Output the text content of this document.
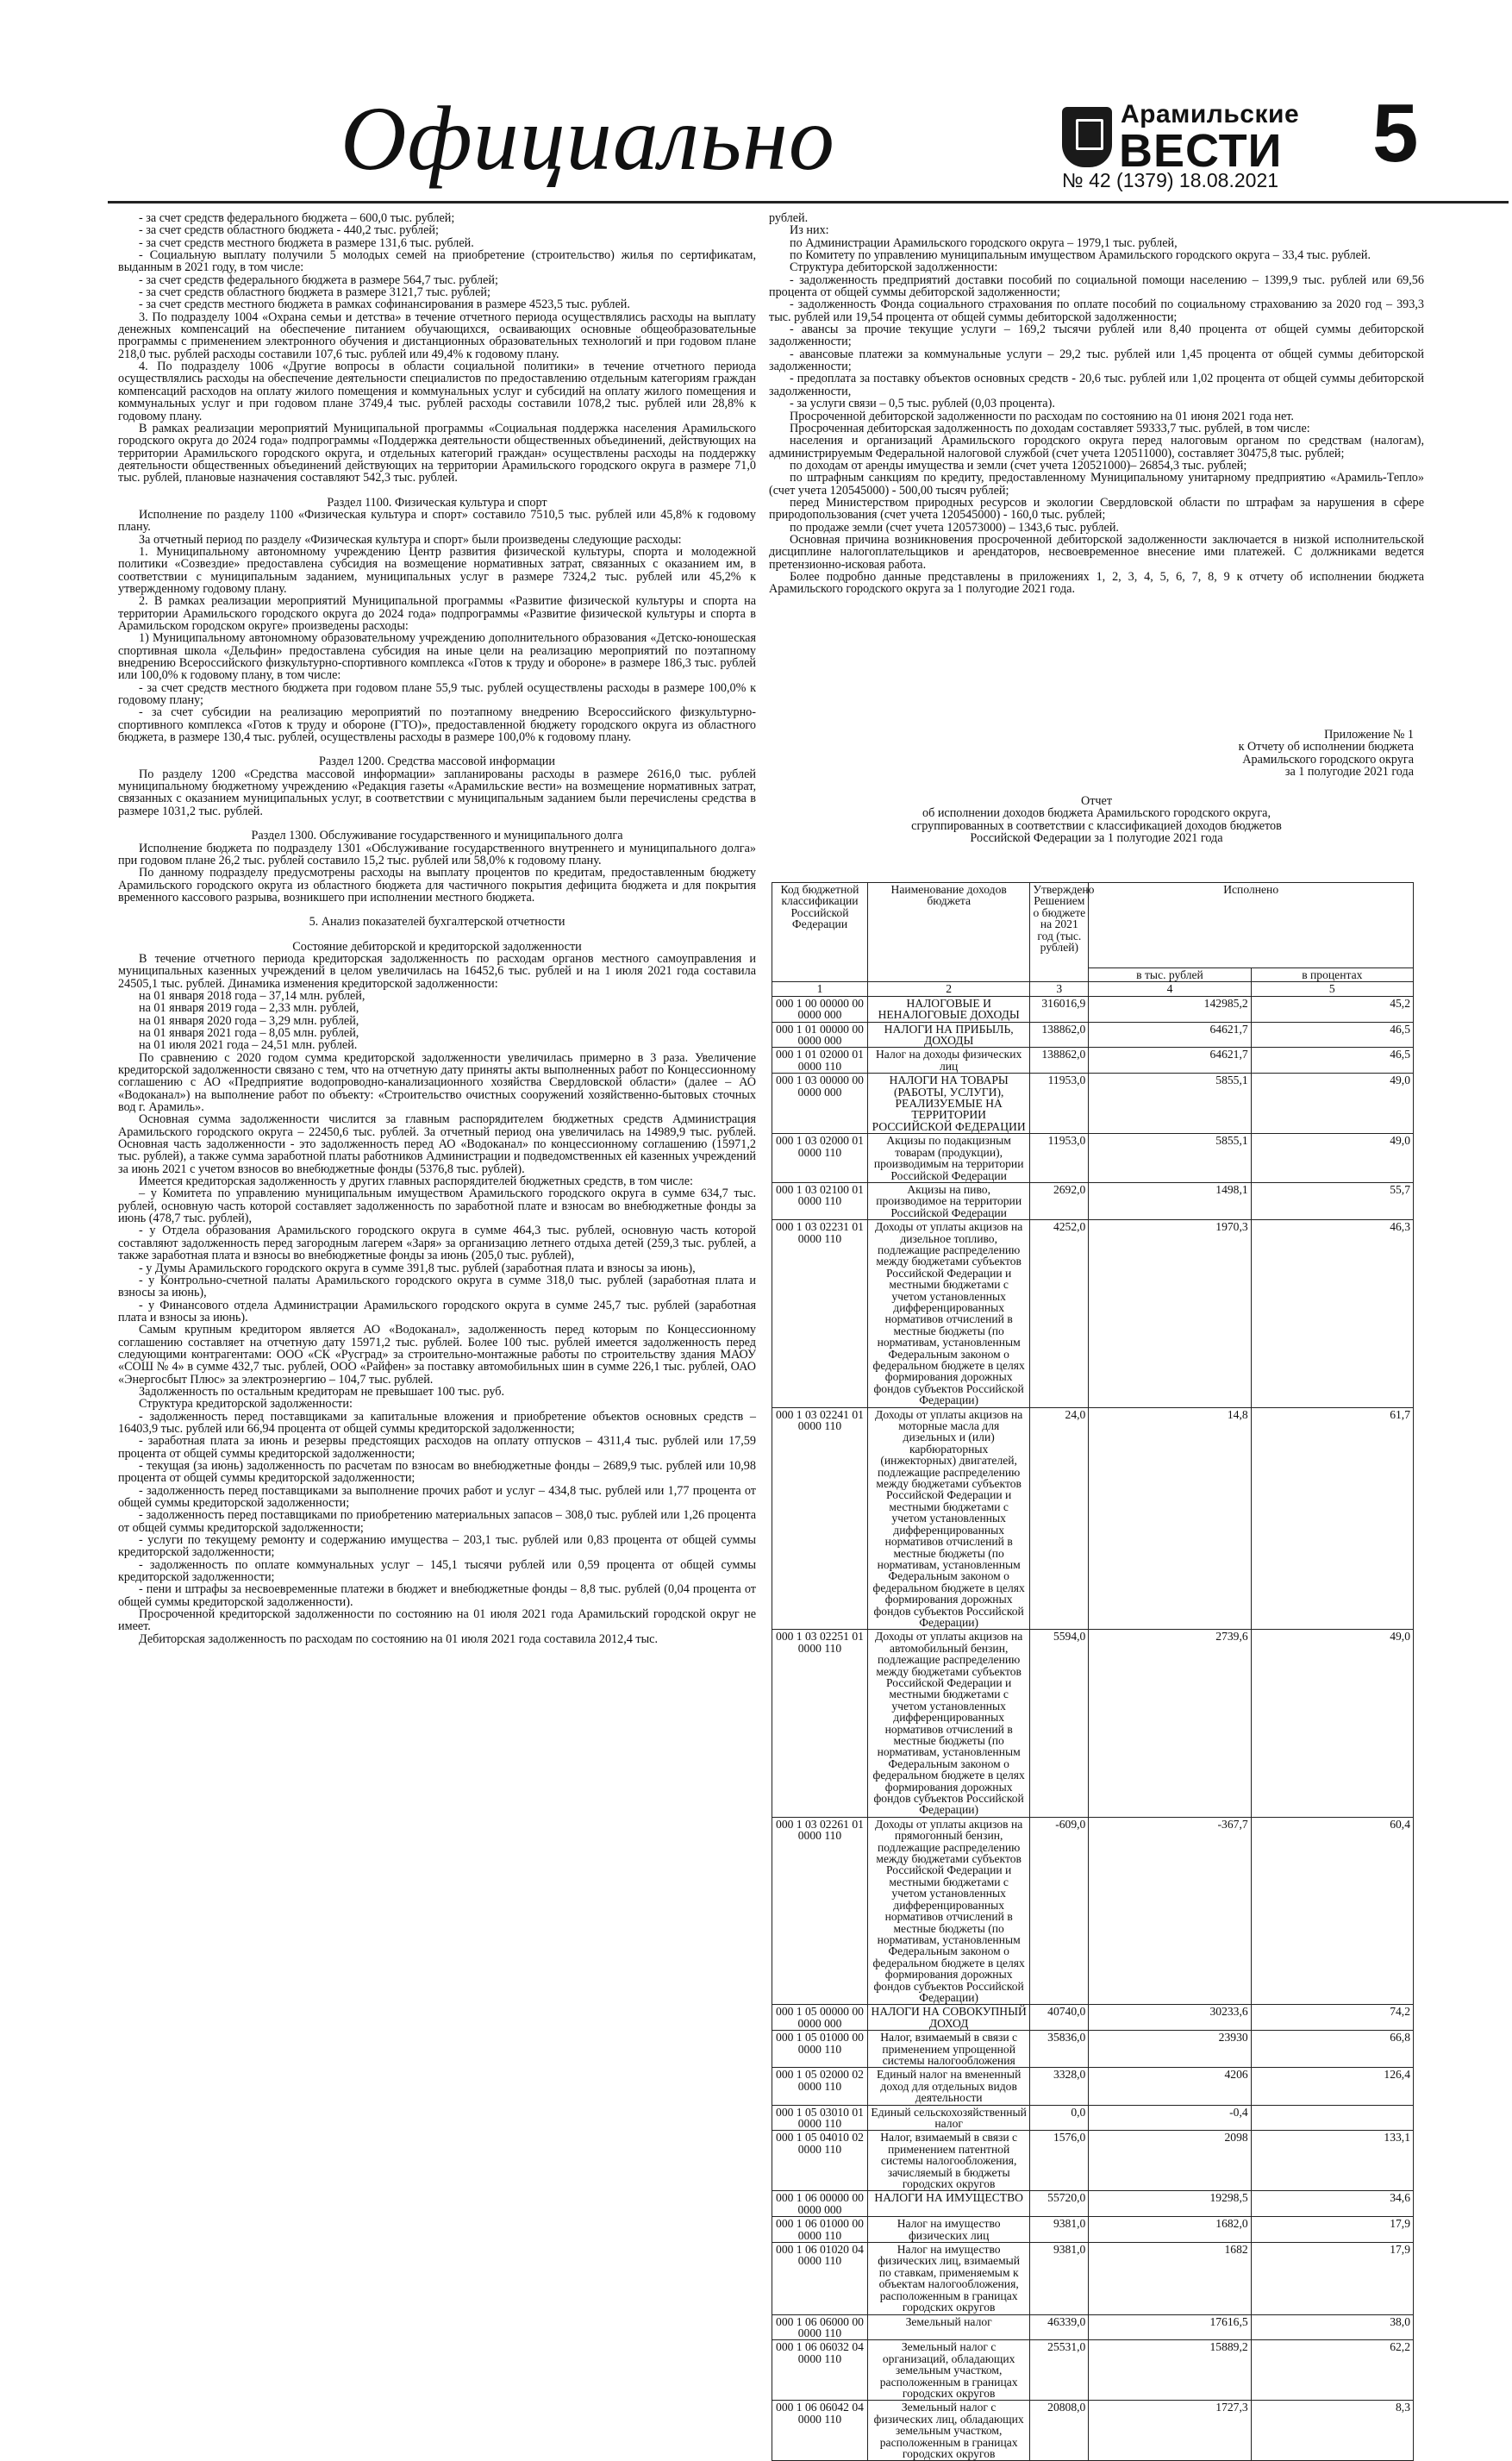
Официально	Арамильские
ВЕСТИ
№ 42 (1379) 18.08.2021
5

- за счет средств федерального бюджета – 600,0 тыс. рублей;

- за счет средств областного бюджета - 440,2 тыс. рублей;

- за счет средств местного бюджета в размере 131,6 тыс. рублей.

- Социальную выплату получили 5 молодых семей на приобретение (строительство) жилья по сертификатам, выданным в 2021 году, в том числе:

- за счет средств федерального бюджета в размере 564,7 тыс. рублей;

- за счет средств областного бюджета в размере 3121,7 тыс. рублей;

- за счет средств местного бюджета в рамках софинансирования в размере 4523,5 тыс. рублей.

3. По подразделу 1004 «Охрана семьи и детства» в течение отчетного периода осуществлялись расходы на выплату денежных компенсаций на обеспечение питанием обучающихся, осваивающих основные общеобразовательные программы с применением электронного обучения и дистанционных образовательных технологий и при годовом плане 218,0 тыс. рублей расходы составили 107,6 тыс. рублей или 49,4% к годовому плану.

4. По подразделу 1006 «Другие вопросы в области социальной политики» в течение отчетного периода осуществлялись расходы на обеспечение деятельности специалистов по предоставлению отдельным категориям граждан компенсаций расходов на оплату жилого помещения и коммунальных услуг и субсидий на оплату жилого помещения и коммунальных услуг и при годовом плане 3749,4 тыс. рублей расходы составили 1078,2 тыс. рублей или 28,8% к годовому плану.

В рамках реализации мероприятий Муниципальной программы «Социальная поддержка населения Арамильского городского округа до 2024 года» подпрограммы «Поддержка деятельности общественных объединений, действующих на территории Арамильского городского округа, и отдельных категорий граждан» осуществлены расходы на поддержку деятельности общественных объединений действующих на территории Арамильского городского округа в размере 71,0 тыс. рублей, плановые назначения составляют 542,3 тыс. рублей.

Раздел 1100. Физическая культура и спорт

Исполнение по разделу 1100 «Физическая культура и спорт» составило 7510,5 тыс. рублей или 45,8% к годовому плану.

За отчетный период по разделу «Физическая культура и спорт» были произведены следующие расходы:

1. Муниципальному автономному учреждению Центр развития физической культуры, спорта и молодежной политики «Созвездие» предоставлена субсидия на возмещение нормативных затрат, связанных с оказанием им, в соответствии с муниципальным заданием, муниципальных услуг в размере 7324,2 тыс. рублей или 45,2% к утвержденному годовому плану.

2. В рамках реализации мероприятий Муниципальной программы «Развитие физической культуры и спорта на территории Арамильского городского округа до 2024 года» подпрограммы «Развитие физической культуры и спорта в Арамильском городском округе» произведены расходы:

1) Муниципальному автономному образовательному учреждению дополнительного образования «Детско-юношеская спортивная школа «Дельфин» предоставлена субсидия на иные цели на реализацию мероприятий по поэтапному внедрению Всероссийского физкультурно-спортивного комплекса «Готов к труду и обороне» в размере 186,3 тыс. рублей или 100,0% к годовому плану, в том числе:

- за счет средств местного бюджета при годовом плане 55,9 тыс. рублей осуществлены расходы в размере 100,0% к годовому плану;

- за счет субсидии на реализацию мероприятий по поэтапному внедрению Всероссийского физкультурно-спортивного комплекса «Готов к труду и обороне (ГТО)», предоставленной бюджету городского округа из областного бюджета, в размере 130,4 тыс. рублей, осуществлены расходы в размере 100,0% к годовому плану.

Раздел 1200. Средства массовой информации

По разделу 1200 «Средства массовой информации» запланированы расходы в размере 2616,0 тыс. рублей муниципальному бюджетному учреждению «Редакция газеты «Арамильские вести» на возмещение нормативных затрат, связанных с оказанием муниципальных услуг, в соответствии с муниципальным заданием были перечислены средства в размере 1031,2 тыс. рублей.

Раздел 1300. Обслуживание государственного и муниципального долга

Исполнение бюджета по подразделу 1301 «Обслуживание государственного внутреннего и муниципального долга» при годовом плане 26,2 тыс. рублей составило 15,2 тыс. рублей или 58,0% к годовому плану.

По данному подразделу предусмотрены расходы на выплату процентов по кредитам, предоставленным бюджету Арамильского городского округа из областного бюджета для частичного покрытия дефицита бюджета и для покрытия временного кассового разрыва, возникшего при исполнении местного бюджета.

5. Анализ показателей бухгалтерской отчетности

Состояние дебиторской и кредиторской задолженности

В течение отчетного периода кредиторская задолженность по расходам органов местного самоуправления и муниципальных казенных учреждений в целом увеличилась на 16452,6 тыс. рублей и на 1 июля 2021 года составила 24505,1 тыс. рублей. Динамика изменения кредиторской задолженности:

на 01 января 2018 года – 37,14 млн. рублей,

на 01 января 2019 года – 2,33 млн. рублей,

на 01 января 2020 года – 3,29 млн. рублей,

на 01 января 2021 года – 8,05 млн. рублей,

на 01 июля 2021 года – 24,51 млн. рублей.

По сравнению с 2020 годом сумма кредиторской задолженности увеличилась примерно в 3 раза. Увеличение кредиторской задолженности связано с тем, что на отчетную дату приняты акты выполненных работ по Концессионному соглашению с АО «Предприятие водопроводно-канализационного хозяйства Свердловской области» (далее – АО «Водоканал») на выполнение работ по объекту: «Строительство очистных сооружений хозяйственно-бытовых сточных вод г. Арамиль».

Основная сумма задолженности числится за главным распорядителем бюджетных средств Администрация Арамильского городского округа – 22450,6 тыс. рублей. За отчетный период она увеличилась на 14989,9 тыс. рублей. Основная часть задолженности - это задолженность перед АО «Водоканал» по концессионному соглашению (15971,2 тыс. рублей), а также сумма заработной платы работников Администрации и подведомственных ей казенных учреждений за июнь 2021 с учетом взносов во внебюджетные фонды (5376,8 тыс. рублей).

Имеется кредиторская задолженность у других главных распорядителей бюджетных средств, в том числе:

– у Комитета по управлению муниципальным имуществом Арамильского городского округа в сумме 634,7 тыс. рублей, основную часть которой составляет задолженность по заработной плате и взносам во внебюджетные фонды за июнь (478,7 тыс. рублей),

- у Отдела образования Арамильского городского округа в сумме 464,3 тыс. рублей, основную часть которой составляют задолженность перед загородным лагерем «Заря» за организацию летнего отдыха детей (259,3 тыс. рублей, а также заработная плата и взносы во внебюджетные фонды за июнь (205,0 тыс. рублей),

- у Думы Арамильского городского округа в сумме 391,8 тыс. рублей (заработная плата и взносы за июнь),

- у Контрольно-счетной палаты Арамильского городского округа в сумме 318,0 тыс. рублей (заработная плата и взносы за июнь),

- у Финансового отдела Администрации Арамильского городского округа в сумме 245,7 тыс. рублей (заработная плата и взносы за июнь).

Самым крупным кредитором является АО «Водоканал», задолженность перед которым по Концессионному соглашению составляет на отчетную дату 15971,2 тыс. рублей. Более 100 тыс. рублей имеется задолженность перед следующими контрагентами: ООО «СК «Русград» за строительно-монтажные работы по строительству здания МАОУ «СОШ № 4» в сумме 432,7 тыс. рублей, ООО «Райфен» за поставку автомобильных шин в сумме 226,1 тыс. рублей, ОАО «Энергосбыт Плюс» за электроэнергию – 104,7 тыс. рублей.

Задолженность по остальным кредиторам не превышает 100 тыс. руб.

Структура кредиторской задолженности:

- задолженность перед поставщиками за капитальные вложения и приобретение объектов основных средств – 16403,9 тыс. рублей или 66,94 процента от общей суммы кредиторской задолженности;

- заработная плата за июнь и резервы предстоящих расходов на оплату отпусков – 4311,4 тыс. рублей или 17,59 процента от общей суммы кредиторской задолженности;

- текущая (за июнь) задолженность по расчетам по взносам во внебюджетные фонды – 2689,9 тыс. рублей или 10,98 процента от общей суммы кредиторской задолженности;

- задолженность перед поставщиками за выполнение прочих работ и услуг – 434,8 тыс. рублей или 1,77 процента от общей суммы кредиторской задолженности;

- задолженность перед поставщиками по приобретению материальных запасов – 308,0 тыс. рублей или 1,26 процента от общей суммы кредиторской задолженности;

- услуги по текущему ремонту и содержанию имущества – 203,1 тыс. рублей или 0,83 процента от общей суммы кредиторской задолженности;

- задолженность по оплате коммунальных услуг – 145,1 тысячи рублей или 0,59 процента от общей суммы кредиторской задолженности;

- пени и штрафы за несвоевременные платежи в бюджет и внебюджетные фонды – 8,8 тыс. рублей (0,04 процента от общей суммы кредиторской задолженности).

Просроченной кредиторской задолженности по состоянию на 01 июля 2021 года Арамильский городской округ не имеет.

Дебиторская задолженность по расходам по состоянию на 01 июля 2021 года составила 2012,4 тыс.

рублей.

Из них:

по Администрации Арамильского городского округа – 1979,1 тыс. рублей,

по Комитету по управлению муниципальным имуществом Арамильского городского округа – 33,4 тыс. рублей.

Структура дебиторской задолженности:

- задолженность предприятий доставки пособий по социальной помощи населению – 1399,9 тыс. рублей или 69,56 процента от общей суммы дебиторской задолженности;

- задолженность Фонда социального страхования по оплате пособий по социальному страхованию за 2020 год – 393,3 тыс. рублей или 19,54 процента от общей суммы дебиторской задолженности;

- авансы за прочие текущие услуги – 169,2 тысячи рублей или 8,40 процента от общей суммы дебиторской задолженности;

- авансовые платежи за коммунальные услуги – 29,2 тыс. рублей или 1,45 процента от общей суммы дебиторской задолженности;

- предоплата за поставку объектов основных средств - 20,6 тыс. рублей или 1,02 процента от общей суммы дебиторской задолженности,

- за услуги связи – 0,5 тыс. рублей (0,03 процента).

Просроченной дебиторской задолженности по расходам по состоянию на 01 июня 2021 года нет.

Просроченная дебиторская задолженность по доходам составляет 59333,7 тыс. рублей, в том числе:

населения и организаций Арамильского городского округа перед налоговым органом по средствам (налогам), администрируемым Федеральной налоговой службой (счет учета 120511000), составляет 30475,8 тыс. рублей;

по доходам от аренды имущества и земли (счет учета 120521000)– 26854,3 тыс. рублей;

по штрафным санкциям по кредиту, предоставленному Муниципальному унитарному предприятию «Арамиль-Тепло» (счет учета 120545000) - 500,00 тысяч рублей;

перед Министерством природных ресурсов и экологии Свердловской области по штрафам за нарушения в сфере природопользования (счет учета 120545000) - 160,0 тыс. рублей;

по продаже земли (счет учета 120573000) – 1343,6 тыс. рублей.

Основная причина возникновения просроченной дебиторской задолженности заключается в низкой исполнительской дисциплине налогоплательщиков и арендаторов, несвоевременное внесение ими платежей. С должниками ведется претензионно-исковая работа.

Более подробно данные представлены в приложениях 1, 2, 3, 4, 5, 6, 7, 8, 9 к отчету об исполнении бюджета Арамильского городского округа за 1 полугодие 2021 года.

Приложение № 1
к Отчету об исполнении бюджета
Арамильского городского округа
за 1 полугодие 2021 года
Отчет
об исполнении доходов бюджета Арамильского городского округа,
сгруппированных в соответствии с классификацией доходов бюджетов
Российской Федерации за 1 полугодие 2021 года
Код бюджетной классификации Российской Федерации	Наименование доходов бюджета	Утверждено Решением о бюджете на 2021 год (тыс. рублей)	Исполнено	
			в тыс. рублей	в процентах
1	2	3	4	5
000 1 00 00000 00 0000 000	НАЛОГОВЫЕ И НЕНАЛОГОВЫЕ ДОХОДЫ	316016,9	142985,2	45,2
000 1 01 00000 00 0000 000	НАЛОГИ НА ПРИБЫЛЬ, ДОХОДЫ	138862,0	64621,7	46,5
000 1 01 02000 01 0000 110	Налог на доходы физических лиц	138862,0	64621,7	46,5
000 1 03 00000 00 0000 000	НАЛОГИ НА ТОВАРЫ (РАБОТЫ, УСЛУГИ), РЕАЛИЗУЕМЫЕ НА ТЕРРИТОРИИ РОССИЙСКОЙ ФЕДЕРАЦИИ	11953,0	5855,1	49,0
000 1 03 02000 01 0000 110	Акцизы по подакцизным товарам (продукции), производимым на территории Российской Федерации	11953,0	5855,1	49,0
000 1 03 02100 01 0000 110	Акцизы на пиво, производимое на территории Российской Федерации	2692,0	1498,1	55,7
000 1 03 02231 01 0000 110	Доходы от уплаты акцизов на дизельное топливо, подлежащие распределению между бюджетами субъектов Российской Федерации и местными бюджетами с учетом установленных дифференцированных нормативов отчислений в местные бюджеты (по нормативам, установленным Федеральным законом о федеральном бюджете в целях формирования дорожных фондов субъектов Российской Федерации)	4252,0	1970,3	46,3
000 1 03 02241 01 0000 110	Доходы от уплаты акцизов на моторные масла для дизельных и (или) карбюраторных (инжекторных) двигателей, подлежащие распределению между бюджетами субъектов Российской Федерации и местными бюджетами с учетом установленных дифференцированных нормативов отчислений в местные бюджеты (по нормативам, установленным Федеральным законом о федеральном бюджете в целях формирования дорожных фондов субъектов Российской Федерации)	24,0	14,8	61,7
000 1 03 02251 01 0000 110	Доходы от уплаты акцизов на автомобильный бензин, подлежащие распределению между бюджетами субъектов Российской Федерации и местными бюджетами с учетом установленных дифференцированных нормативов отчислений в местные бюджеты (по нормативам, установленным Федеральным законом о федеральном бюджете в целях формирования дорожных фондов субъектов Российской Федерации)	5594,0	2739,6	49,0
000 1 03 02261 01 0000 110	Доходы от уплаты акцизов на прямогонный бензин, подлежащие распределению между бюджетами субъектов Российской Федерации и местными бюджетами с учетом установленных дифференцированных нормативов отчислений в местные бюджеты (по нормативам, установленным Федеральным законом о федеральном бюджете в целях формирования дорожных фондов субъектов Российской Федерации)	-609,0	-367,7	60,4
000 1 05 00000 00 0000 000	НАЛОГИ НА СОВОКУПНЫЙ ДОХОД	40740,0	30233,6	74,2
000 1 05 01000 00 0000 110	Налог, взимаемый в связи с применением упрощенной системы налогообложения	35836,0	23930	66,8
000 1 05 02000 02 0000 110	Единый налог на вмененный доход для отдельных видов деятельности	3328,0	4206	126,4
000 1 05 03010 01 0000 110	Единый сельскохозяйственный налог	0,0	-0,4	
000 1 05 04010 02 0000 110	Налог, взимаемый в связи с применением патентной системы налогообложения, зачисляемый в бюджеты городских округов	1576,0	2098	133,1
000 1 06 00000 00 0000 000	НАЛОГИ НА ИМУЩЕСТВО	55720,0	19298,5	34,6
000 1 06 01000 00 0000 110	Налог на имущество физических лиц	9381,0	1682,0	17,9
000 1 06 01020 04 0000 110	Налог на имущество физических лиц, взимаемый по ставкам, применяемым к объектам налогообложения, расположенным в границах городских округов	9381,0	1682	17,9
000 1 06 06000 00 0000 110	Земельный налог	46339,0	17616,5	38,0
000 1 06 06032 04 0000 110	Земельный налог с организаций, обладающих земельным участком, расположенным в границах городских округов	25531,0	15889,2	62,2
000 1 06 06042 04 0000 110	Земельный налог с физических лиц, обладающих земельным участком, расположенным в границах городских округов	20808,0	1727,3	8,3
